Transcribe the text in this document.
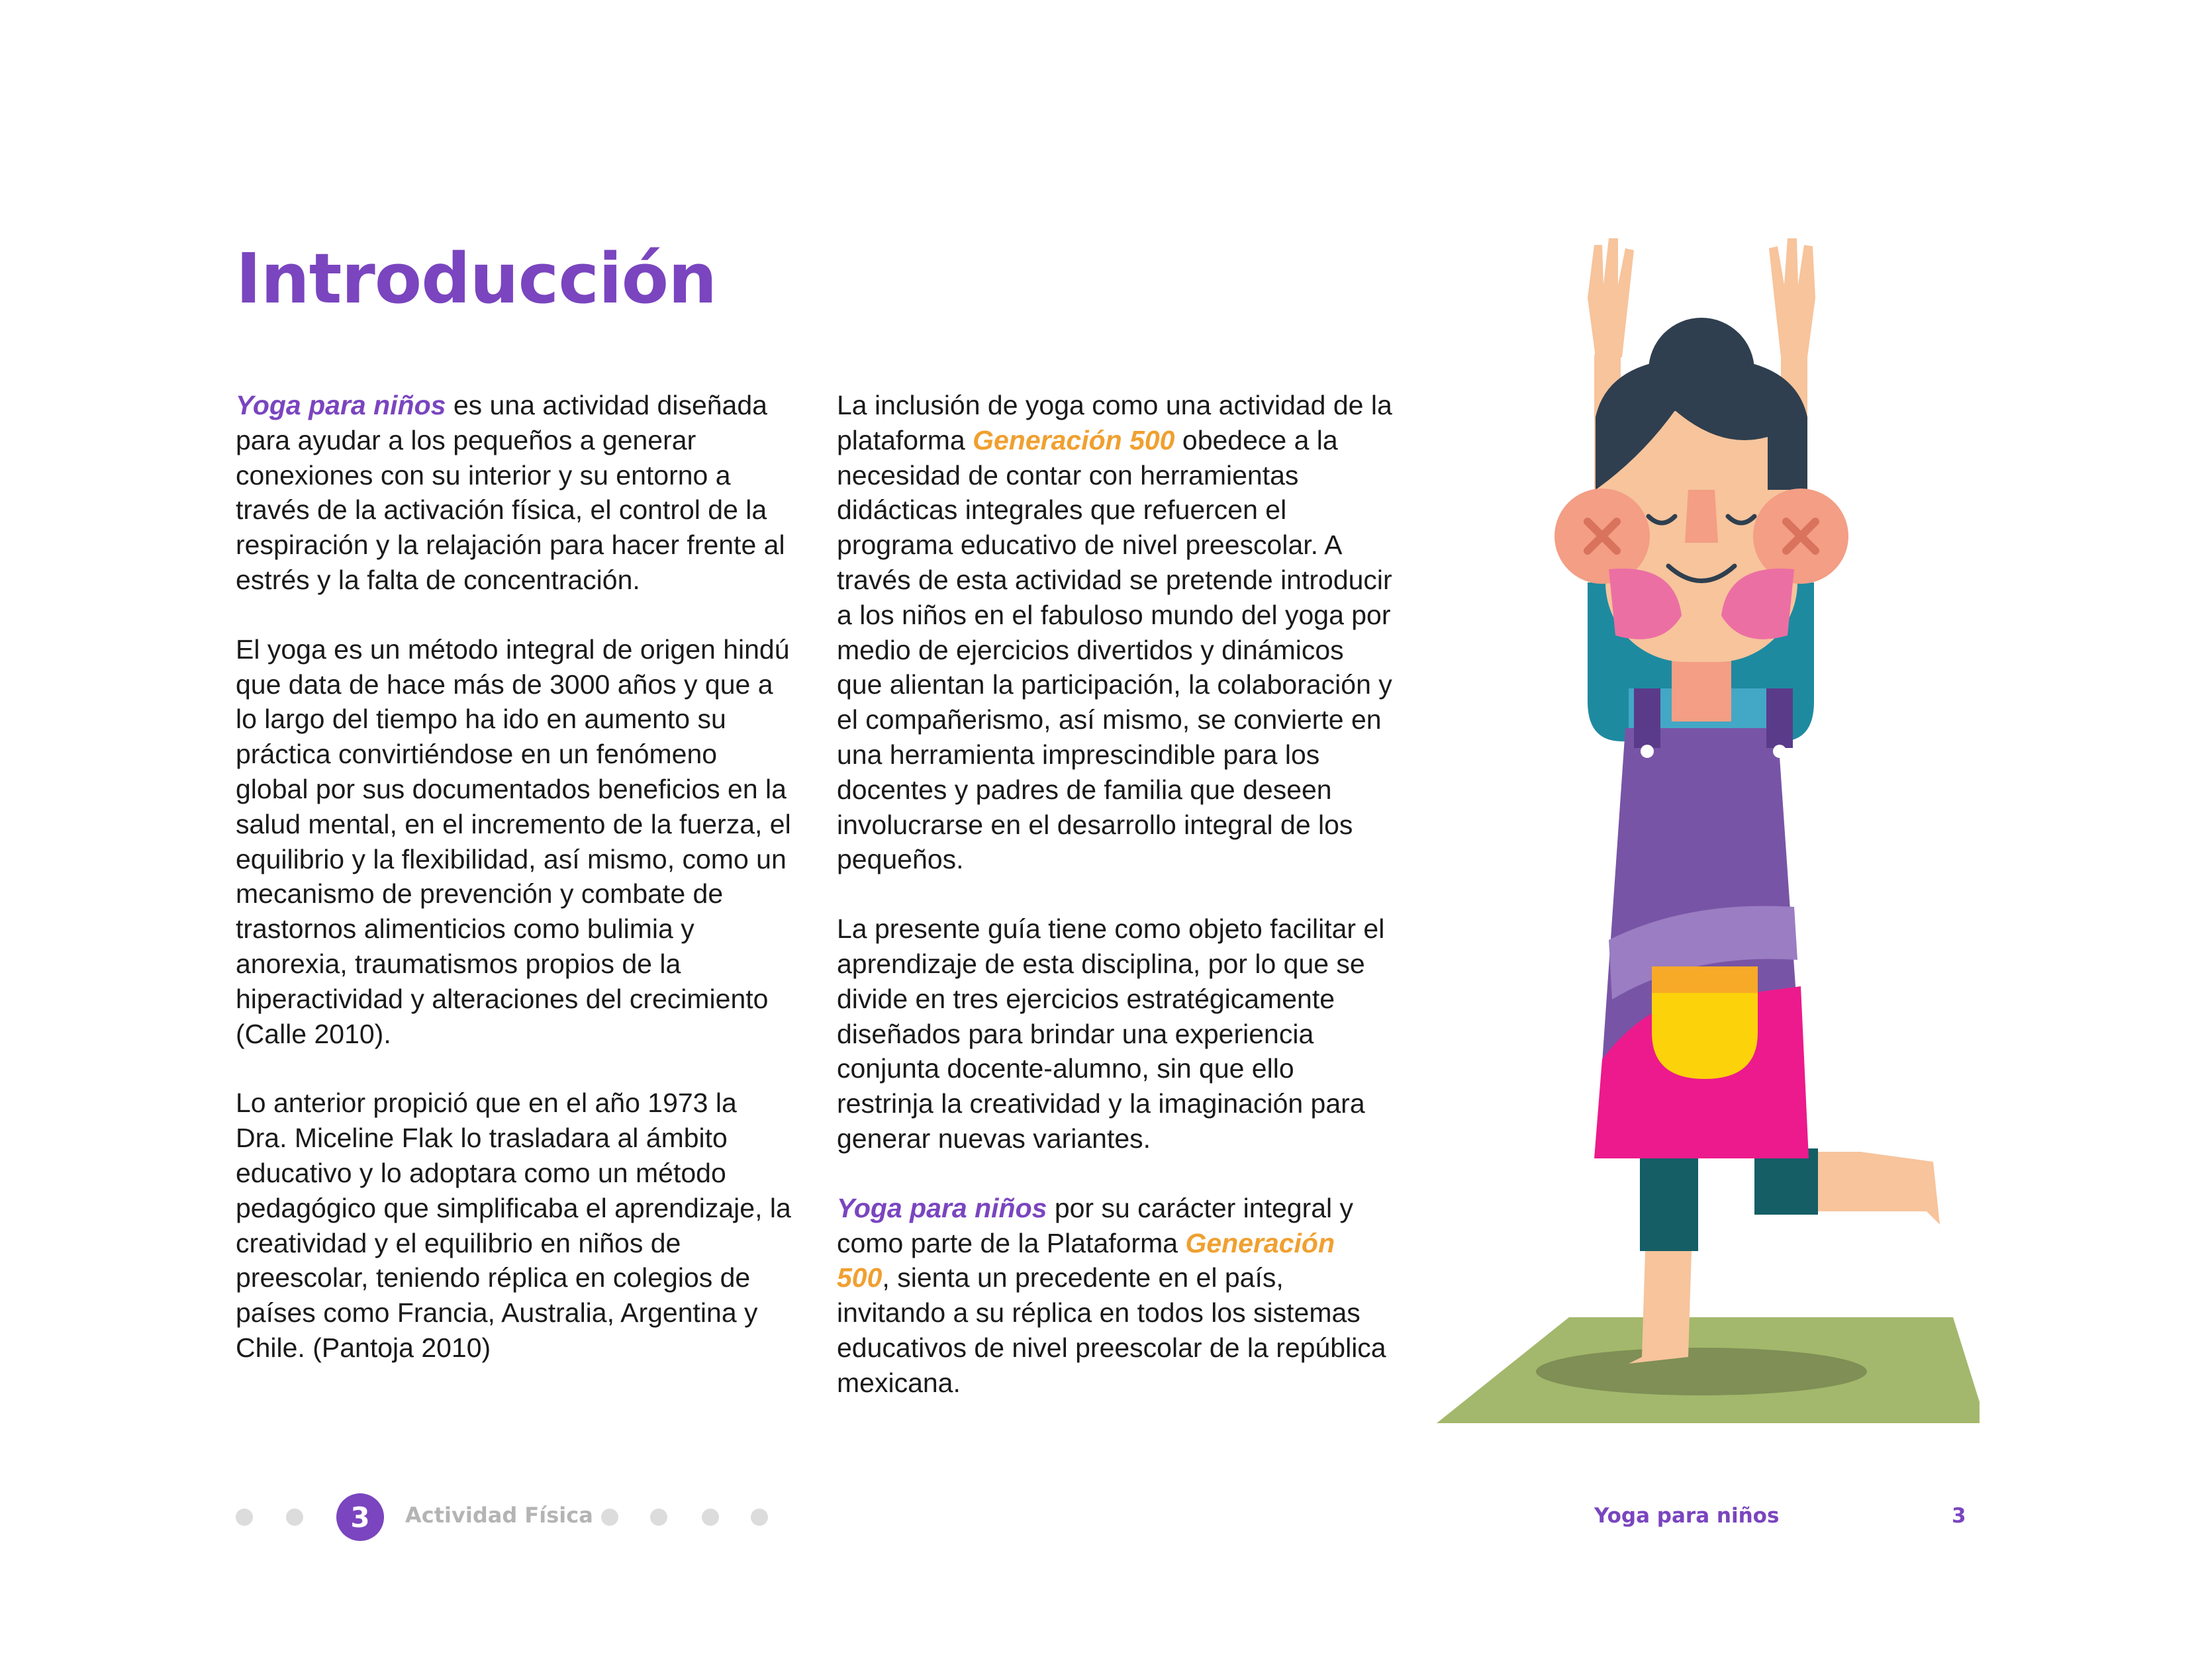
Introducción

Yoga para niños es una actividad diseñada para ayudar a los pequeños a generar conexiones con su interior y su entorno a través de la activación física, el control de la respiración y la relajación para hacer frente al estrés y la falta de concentración.

El yoga es un método integral de origen hindú que data de hace más de 3000 años y que a lo largo del tiempo ha ido en aumento su práctica convirtiéndose en un fenómeno global por sus documentados beneficios en la salud mental, en el incremento de la fuerza, el equilibrio y la flexibilidad, así mismo, como un mecanismo de prevención y combate de trastornos alimenticios como bulimia y anorexia, traumatismos propios de la hiperactividad y alteraciones del crecimiento (Calle 2010).

Lo anterior propició que en el año 1973 la Dra. Miceline Flak lo trasladara al ámbito educativo y lo adoptara como un método pedagógico que simplificaba el aprendizaje, la creatividad y el equilibrio en niños de preescolar, teniendo réplica en colegios de países como Francia, Australia, Argentina y Chile. (Pantoja 2010)

La inclusión de yoga como una actividad de la plataforma Generación 500 obedece a la necesidad de contar con herramientas didácticas integrales que refuercen el programa educativo de nivel preescolar. A través de esta actividad se pretende introducir a los niños en el fabuloso mundo del yoga por medio de ejercicios divertidos y dinámicos que alientan la participación, la colaboración y el compañerismo, así mismo, se convierte en una herramienta imprescindible para los docentes y padres de familia que deseen involucrarse en el desarrollo integral de los pequeños.

La presente guía tiene como objeto facilitar el aprendizaje de esta disciplina, por lo que se divide en tres ejercicios estratégicamente diseñados para brindar una experiencia conjunta docente-alumno, sin que ello restrinja la creatividad y la imaginación para generar nuevas variantes.

Yoga para niños por su carácter integral y como parte de la Plataforma Generación 500, sienta un precedente en el país, invitando a su réplica en todos los sistemas educativos de nivel preescolar de la república mexicana.

3	Actividad Física	Yoga para niños	3
